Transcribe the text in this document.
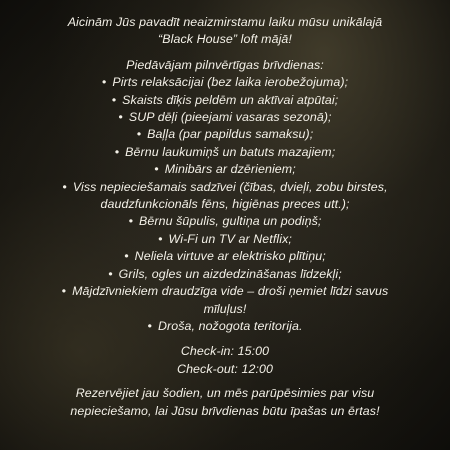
Aicinām Jūs pavadīt neaizmirstamu laiku mūsu unikālajā
“Black House” loft mājā!

Piedāvājam pilnvērtīgas brīvdienas:

• Pirts relaksācijai (bez laika ierobežojuma);
• Skaists dīķis peldēm un aktīvai atpūtai;
• SUP dēļi (pieejami vasaras sezonā);
• Baļļa (par papildus samaksu);
• Bērnu laukumiņš un batuts mazajiem;
• Minibārs ar dzērieniem;
• Viss nepieciešamais sadzīvei (čības, dvieļi, zobu birstes,
daudzfunkcionāls fēns, higiēnas preces utt.);
• Bērnu šūpulis, gultiņa un podiņš;
• Wi-Fi un TV ar Netflix;
• Neliela virtuve ar elektrisko plītiņu;
• Grils, ogles un aizdedzināšanas līdzekļi;
• Mājdzīvniekiem draudzīga vide – droši ņemiet līdzi savus
mīluļus!
• Droša, nožogota teritorija.

Check-in: 15:00

Check-out: 12:00

Rezervējiet jau šodien, un mēs parūpēsimies par visu
nepieciešamo, lai Jūsu brīvdienas būtu īpašas un ērtas!
